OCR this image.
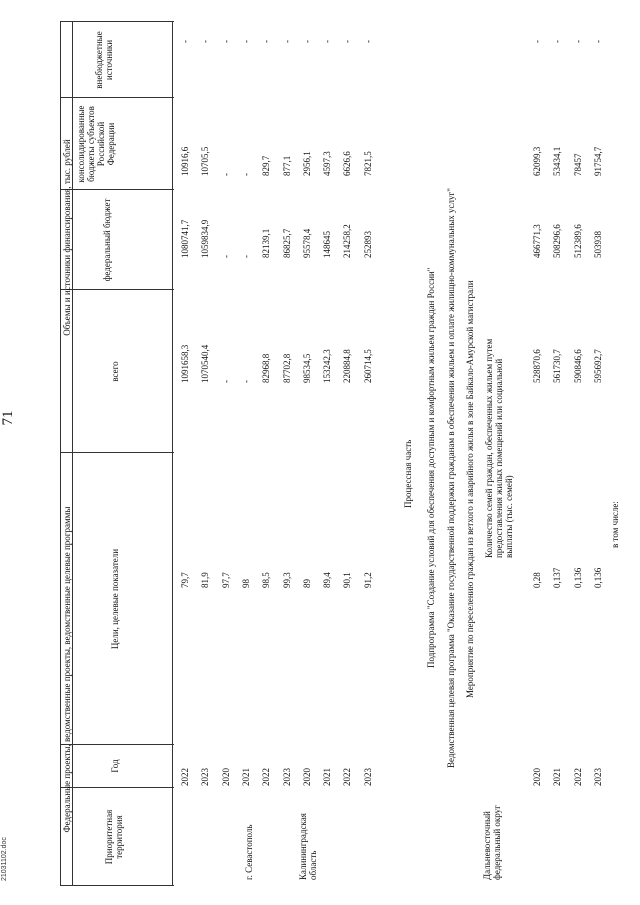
71
21031102.doc
Федеральные проекты, ведомственные проекты, ведомственные целевые программы
Объемы и источники финансирования, тыс. рублей
Приоритетная территория
Год
Цели, целевые показатели
всего
федеральный бюджет
консолидированные бюджеты субъектов Российской Федерации
внебюджетные источники
г. Севастополь	Калининградская область	Дальневосточный федеральный округ
2022
79,7
1091658,3
1080741,7
10916,6
-
2023
81,9
1070540,4
1059834,9
10705,5
-
2020
97,7
-
-
-
-
2021
98
-
-
-
-
2022
98,5
82968,8
82139,1
829,7
-
2023
99,3
87702,8
86825,7
877,1
-
2020
89
98534,5
95578,4
2956,1
-
2021
89,4
153242,3
148645
4597,3
-
2022
90,1
220884,8
214258,2
6626,6
-
2023
91,2
260714,5
252893
7821,5
-
Процессная часть Подпрограмма "Создание условий для обеспечения доступным и комфортным жильем граждан России" Ведомственная целевая программа "Оказание государственной поддержки гражданам в обеспечении жильем и оплате жилищно-коммунальных услуг" Мероприятие по переселению граждан из ветхого и аварийного жилья в зоне Байкало-Амурской магистрали Количество семей граждан, обеспеченных жильем путем предоставления жилых помещений или социальной выплаты (тыс. семей)
2020
0,28
528870,6
466771,3
62099,3
-
2021
0,137
561730,7
508296,6
53434,1
-
2022
0,136
590846,6
512389,6
78457
-
2023
0,136
595692,7
503938
91754,7
-
в том числе:
